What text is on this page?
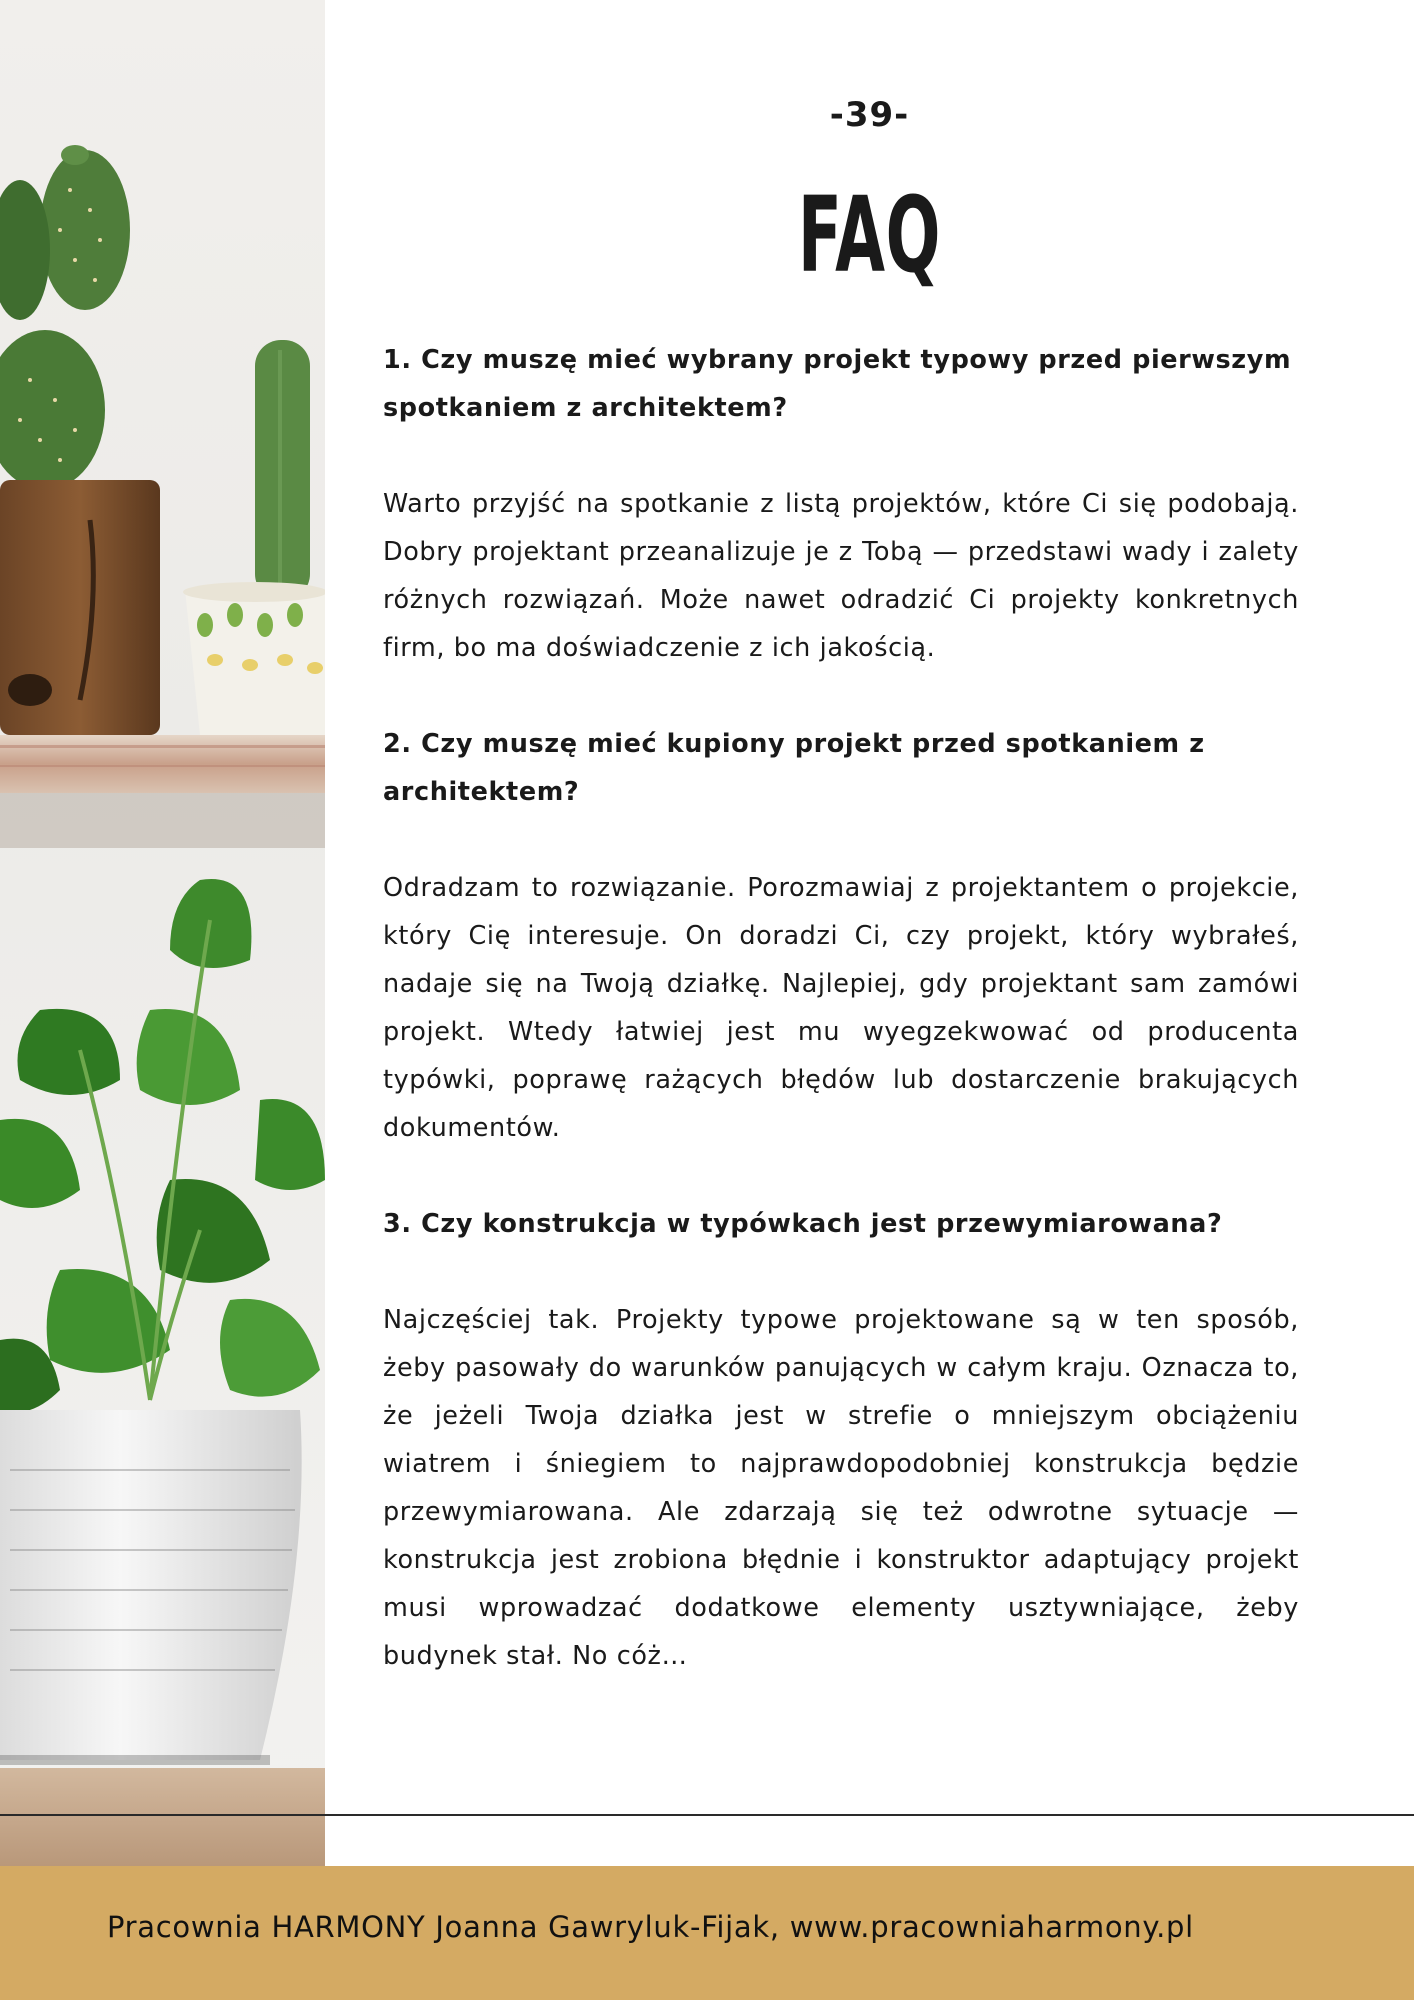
-39-
FAQ

1. Czy muszę mieć wybrany projekt typowy przed pierwszym spotkaniem z architektem?

Warto przyjść na spotkanie z listą projektów, które Ci się podobają. Dobry projektant przeanalizuje je z Tobą — przedstawi wady i zalety różnych rozwiązań. Może nawet odradzić Ci projekty konkretnych firm, bo ma doświadczenie z ich jakością.

2. Czy muszę mieć kupiony projekt przed spotkaniem z architektem?

Odradzam to rozwiązanie. Porozmawiaj z projektantem o projekcie, który Cię interesuje. On doradzi Ci, czy projekt, który wybrałeś, nadaje się na Twoją działkę. Najlepiej, gdy projektant sam zamówi projekt. Wtedy łatwiej jest mu wyegzekwować od producenta typówki, poprawę rażących błędów lub dostarczenie brakujących dokumentów.

3. Czy konstrukcja w typówkach jest przewymiarowana?

Najczęściej tak. Projekty typowe projektowane są w ten sposób, żeby pasowały do warunków panujących w całym kraju. Oznacza to, że jeżeli Twoja działka jest w strefie o mniejszym obciążeniu wiatrem i śniegiem to najprawdopodobniej konstrukcja będzie przewymiarowana. Ale zdarzają się też odwrotne sytuacje — konstrukcja jest zrobiona błędnie i konstruktor adaptujący projekt musi wprowadzać dodatkowe elementy usztywniające, żeby budynek stał. No cóż…

Pracownia HARMONY Joanna Gawryluk-Fijak, www.pracowniaharmony.pl
